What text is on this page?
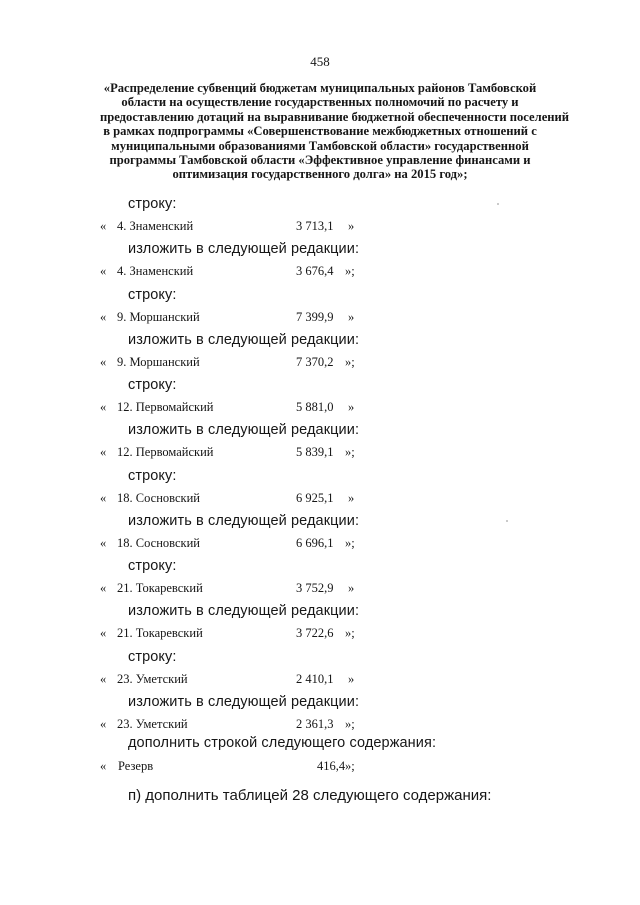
458
«Распределение субвенций бюджетам муниципальных районов Тамбовской
области на осуществление государственных полномочий по расчету и
предоставлению дотаций на выравнивание бюджетной обеспеченности поселений
в рамках подпрограммы «Совершенствование межбюджетных отношений с
муниципальными образованиями Тамбовской области» государственной
программы Тамбовской области «Эффективное управление финансами и
оптимизация государственного долга» на 2015 год»;
строку:
« 4. Знаменский	3 713,1 »
изложить в следующей редакции:
« 4. Знаменский	3 676,4 »;
строку:
« 9. Моршанский	7 399,9 »
изложить в следующей редакции:
« 9. Моршанский	7 370,2 »;
строку:
« 12. Первомайский	5 881,0 »
изложить в следующей редакции:
« 12. Первомайский	5 839,1 »;
строку:
« 18. Сосновский	6 925,1 »
изложить в следующей редакции:
« 18. Сосновский	6 696,1 »;
строку:
« 21. Токаревский	3 752,9 »
изложить в следующей редакции:
« 21. Токаревский	3 722,6 »;
строку:
« 23. Уметский	2 410,1 »
изложить в следующей редакции:
« 23. Уметский	2 361,3 »;
дополнить строкой следующего содержания:
« Резерв	416,4 »;
п) дополнить таблицей 28 следующего содержания:
